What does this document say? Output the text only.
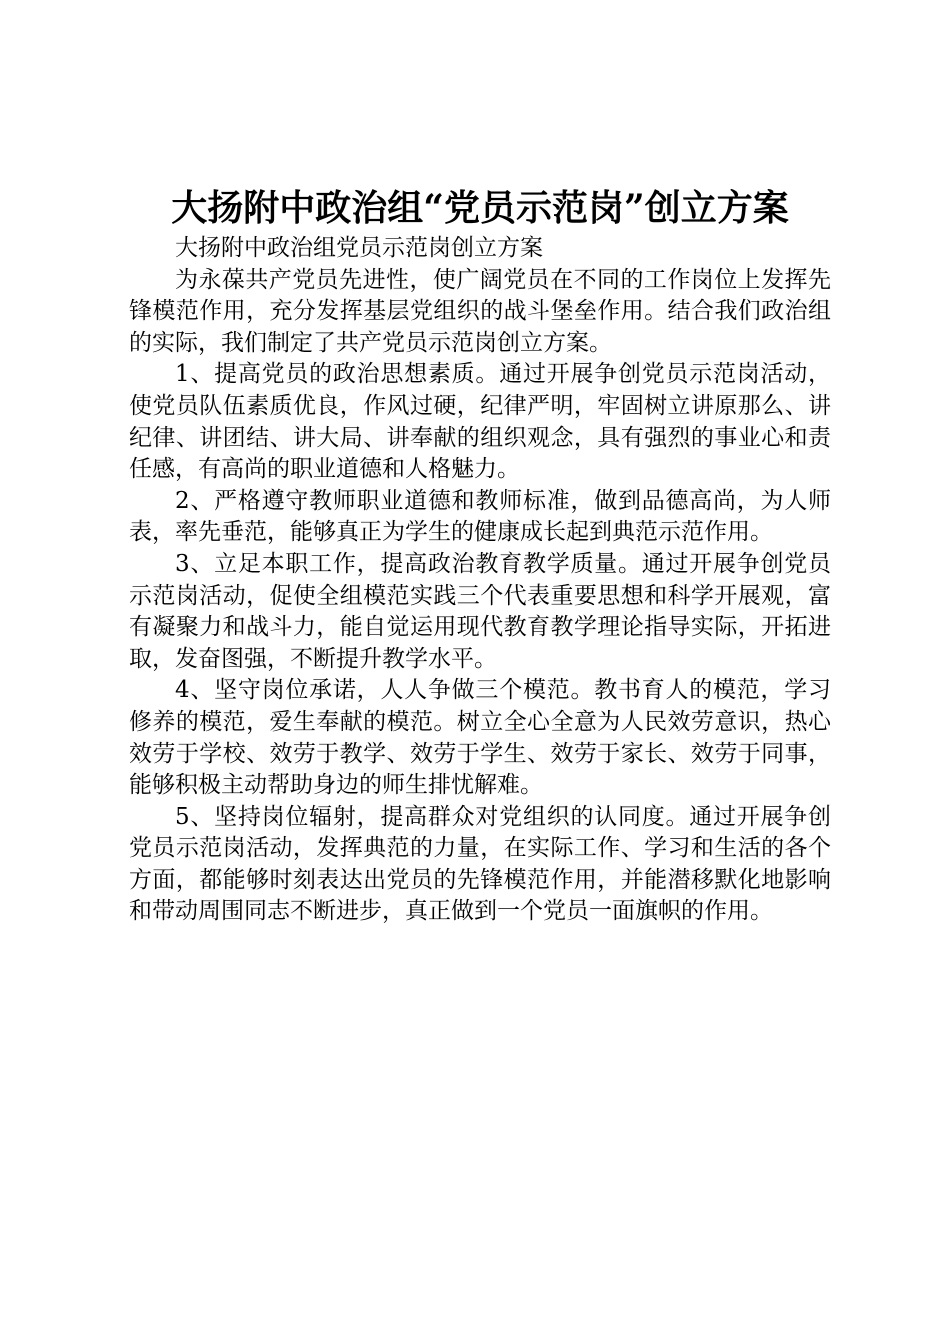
大扬附中政治组“党员示范岗”创立方案

大扬附中政治组党员示范岗创立方案

为永葆共产党员先进性，使广阔党员在不同的工作岗位上发挥先锋模范作用，充分发挥基层党组织的战斗堡垒作用。结合我们政治组的实际，我们制定了共产党员示范岗创立方案。

1、提高党员的政治思想素质。通过开展争创党员示范岗活动，使党员队伍素质优良，作风过硬，纪律严明，牢固树立讲原那么、讲纪律、讲团结、讲大局、讲奉献的组织观念，具有强烈的事业心和责任感，有高尚的职业道德和人格魅力。

2、严格遵守教师职业道德和教师标准，做到品德高尚，为人师表，率先垂范，能够真正为学生的健康成长起到典范示范作用。

3、立足本职工作，提高政治教育教学质量。通过开展争创党员示范岗活动，促使全组模范实践三个代表重要思想和科学开展观，富有凝聚力和战斗力，能自觉运用现代教育教学理论指导实际，开拓进取，发奋图强，不断提升教学水平。

4、坚守岗位承诺，人人争做三个模范。教书育人的模范，学习修养的模范，爱生奉献的模范。树立全心全意为人民效劳意识，热心效劳于学校、效劳于教学、效劳于学生、效劳于家长、效劳于同事，能够积极主动帮助身边的师生排忧解难。

5、坚持岗位辐射，提高群众对党组织的认同度。通过开展争创党员示范岗活动，发挥典范的力量，在实际工作、学习和生活的各个方面，都能够时刻表达出党员的先锋模范作用，并能潜移默化地影响和带动周围同志不断进步，真正做到一个党员一面旗帜的作用。
